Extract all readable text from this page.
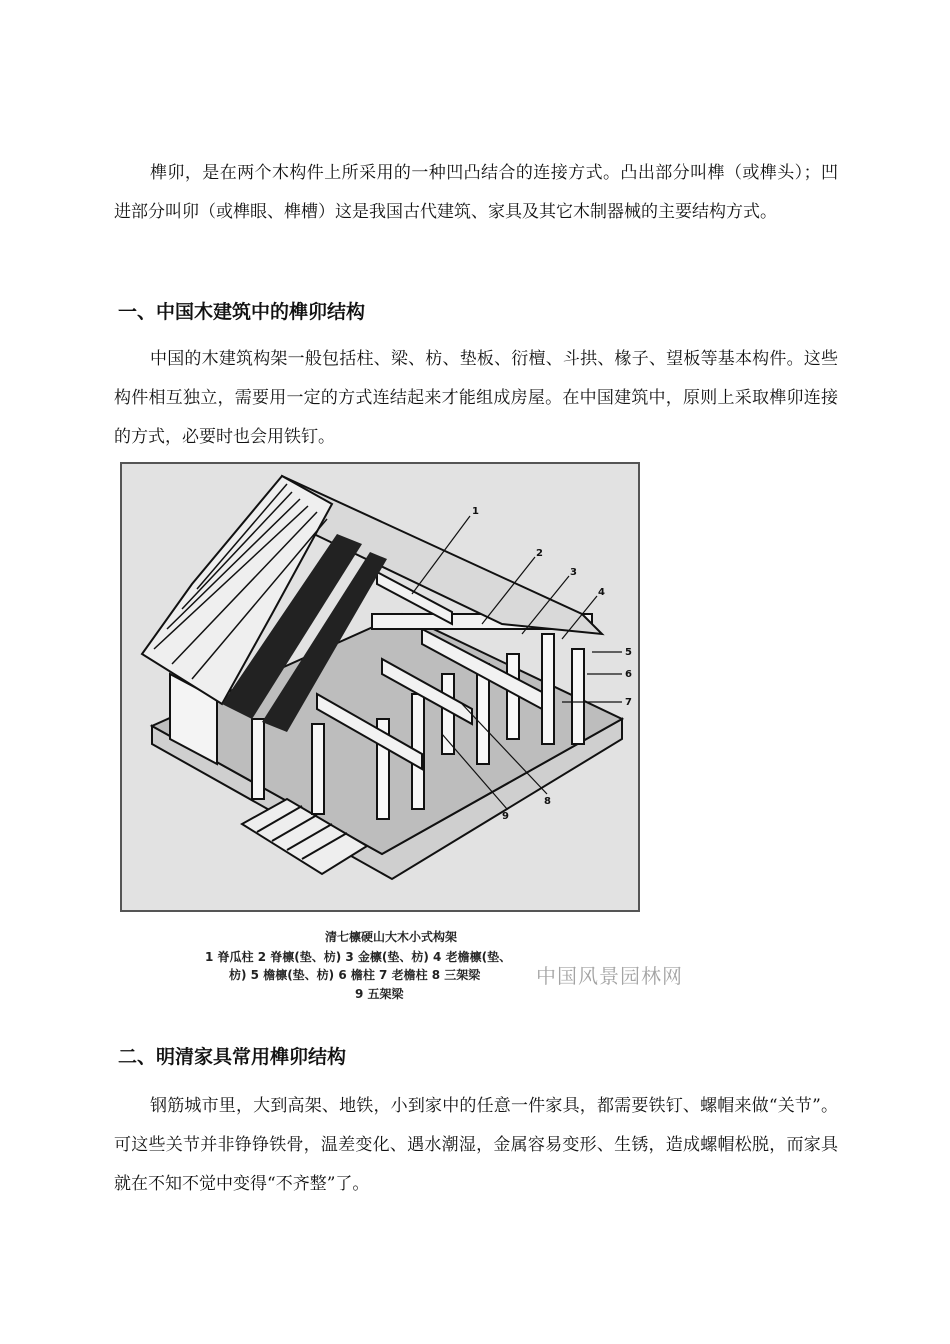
榫卯，是在两个木构件上所采用的一种凹凸结合的连接方式。凸出部分叫榫（或榫头）；凹进部分叫卯（或榫眼、榫槽）这是我国古代建筑、家具及其它木制器械的主要结构方式。

一、中国木建筑中的榫卯结构

中国的木建筑构架一般包括柱、梁、枋、垫板、衍檀、斗拱、椽子、望板等基本构件。这些构件相互独立，需要用一定的方式连结起来才能组成房屋。在中国建筑中，原则上采取榫卯连接的方式，必要时也会用铁钉。

1
2
3
4
5
6
7
8
9

清七檩硬山大木小式构架

1 脊瓜柱 2 脊檩(垫、枋) 3 金檩(垫、枋) 4 老檐檩(垫、

枋) 5 檐檩(垫、枋) 6 檐柱 7 老檐柱 8 三架梁

9 五架梁

中国风景园林网
二、明清家具常用榫卯结构

钢筋城市里，大到高架、地铁，小到家中的任意一件家具，都需要铁钉、螺帽来做“关节”。可这些关节并非铮铮铁骨，温差变化、遇水潮湿，金属容易变形、生锈，造成螺帽松脱，而家具就在不知不觉中变得“不齐整”了。
